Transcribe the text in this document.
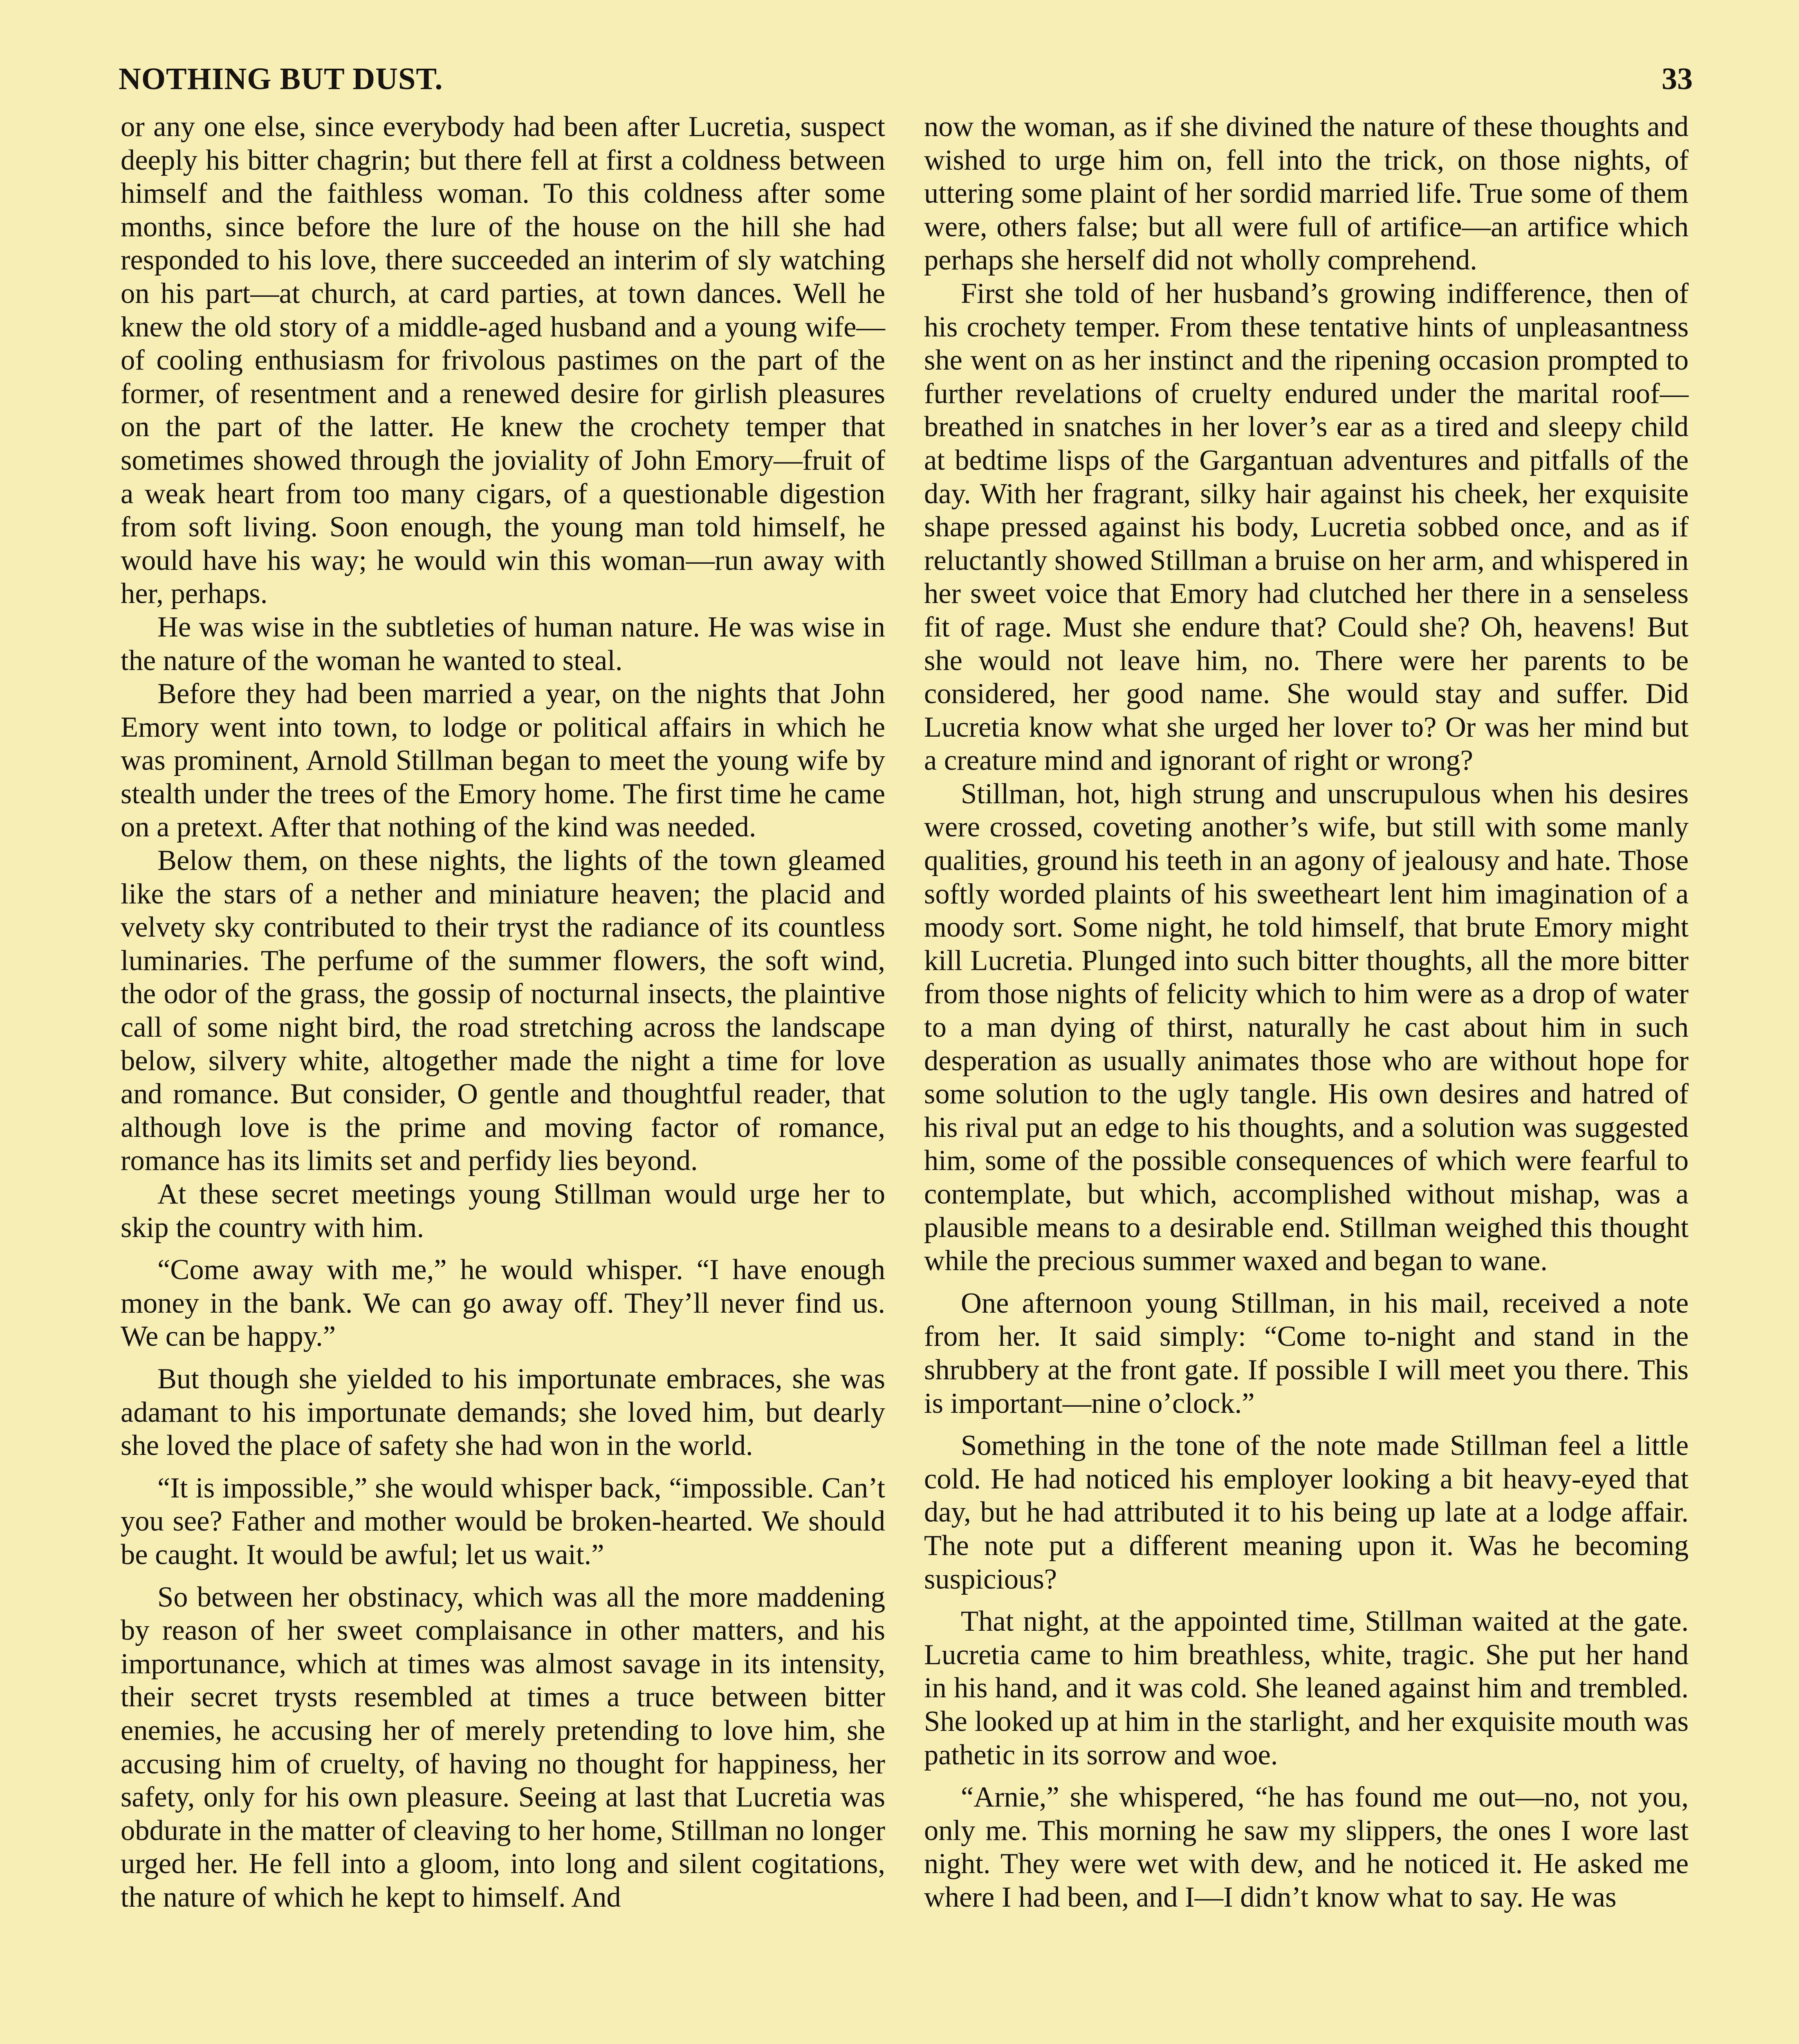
NOTHING BUT DUST.	33

or any one else, since everybody had been after Lucretia, suspect deeply his bitter chagrin; but there fell at first a coldness between himself and the faithless woman. To this coldness after some months, since before the lure of the house on the hill she had responded to his love, there succeeded an interim of sly watching on his part—at church, at card parties, at town dances. Well he knew the old story of a middle-aged husband and a young wife—of cooling enthusiasm for frivolous pastimes on the part of the former, of resentment and a renewed desire for girlish pleasures on the part of the latter. He knew the crochety temper that sometimes showed through the joviality of John Emory—fruit of a weak heart from too many cigars, of a questionable digestion from soft living. Soon enough, the young man told himself, he would have his way; he would win this woman—run away with her, perhaps.

He was wise in the subtleties of human nature. He was wise in the nature of the woman he wanted to steal.

Before they had been married a year, on the nights that John Emory went into town, to lodge or political affairs in which he was prominent, Arnold Stillman began to meet the young wife by stealth under the trees of the Emory home. The first time he came on a pretext. After that nothing of the kind was needed.

Below them, on these nights, the lights of the town gleamed like the stars of a nether and miniature heaven; the placid and velvety sky contributed to their tryst the radiance of its countless luminaries. The perfume of the summer flowers, the soft wind, the odor of the grass, the gossip of nocturnal insects, the plaintive call of some night bird, the road stretching across the landscape below, silvery white, altogether made the night a time for love and romance. But consider, O gentle and thoughtful reader, that although love is the prime and moving factor of romance, romance has its limits set and perfidy lies beyond.

At these secret meetings young Stillman would urge her to skip the country with him.

“Come away with me,” he would whisper. “I have enough money in the bank. We can go away off. They’ll never find us. We can be happy.”

But though she yielded to his importunate embraces, she was adamant to his importunate demands; she loved him, but dearly she loved the place of safety she had won in the world.

“It is impossible,” she would whisper back, “impossible. Can’t you see? Father and mother would be broken-hearted. We should be caught. It would be awful; let us wait.”

So between her obstinacy, which was all the more maddening by reason of her sweet complaisance in other matters, and his importunance, which at times was almost savage in its intensity, their secret trysts resembled at times a truce between bitter enemies, he accusing her of merely pretending to love him, she accusing him of cruelty, of having no thought for happiness, her safety, only for his own pleasure. Seeing at last that Lucretia was obdurate in the matter of cleaving to her home, Stillman no longer urged her. He fell into a gloom, into long and silent cogitations, the nature of which he kept to himself. And

now the woman, as if she divined the nature of these thoughts and wished to urge him on, fell into the trick, on those nights, of uttering some plaint of her sordid married life. True some of them were, others false; but all were full of artifice—an artifice which perhaps she herself did not wholly comprehend.

First she told of her husband’s growing indifference, then of his crochety temper. From these tentative hints of unpleasantness she went on as her instinct and the ripening occasion prompted to further revelations of cruelty endured under the marital roof—breathed in snatches in her lover’s ear as a tired and sleepy child at bedtime lisps of the Gargantuan adventures and pitfalls of the day. With her fragrant, silky hair against his cheek, her exquisite shape pressed against his body, Lucretia sobbed once, and as if reluctantly showed Stillman a bruise on her arm, and whispered in her sweet voice that Emory had clutched her there in a senseless fit of rage. Must she endure that? Could she? Oh, heavens! But she would not leave him, no. There were her parents to be considered, her good name. She would stay and suffer. Did Lucretia know what she urged her lover to? Or was her mind but a creature mind and ignorant of right or wrong?

Stillman, hot, high strung and unscrupulous when his desires were crossed, coveting another’s wife, but still with some manly qualities, ground his teeth in an agony of jealousy and hate. Those softly worded plaints of his sweetheart lent him imagination of a moody sort. Some night, he told himself, that brute Emory might kill Lucretia. Plunged into such bitter thoughts, all the more bitter from those nights of felicity which to him were as a drop of water to a man dying of thirst, naturally he cast about him in such desperation as usually animates those who are without hope for some solution to the ugly tangle. His own desires and hatred of his rival put an edge to his thoughts, and a solution was suggested him, some of the possible consequences of which were fearful to contemplate, but which, accomplished without mishap, was a plausible means to a desirable end. Stillman weighed this thought while the precious summer waxed and began to wane.

One afternoon young Stillman, in his mail, received a note from her. It said simply: “Come to-night and stand in the shrubbery at the front gate. If possible I will meet you there. This is important—nine o’clock.”

Something in the tone of the note made Stillman feel a little cold. He had noticed his employer looking a bit heavy-eyed that day, but he had attributed it to his being up late at a lodge affair. The note put a different meaning upon it. Was he becoming suspicious?

That night, at the appointed time, Stillman waited at the gate. Lucretia came to him breathless, white, tragic. She put her hand in his hand, and it was cold. She leaned against him and trembled. She looked up at him in the starlight, and her exquisite mouth was pathetic in its sorrow and woe.

“Arnie,” she whispered, “he has found me out—no, not you, only me. This morning he saw my slippers, the ones I wore last night. They were wet with dew, and he noticed it. He asked me where I had been, and I—I didn’t know what to say. He was
